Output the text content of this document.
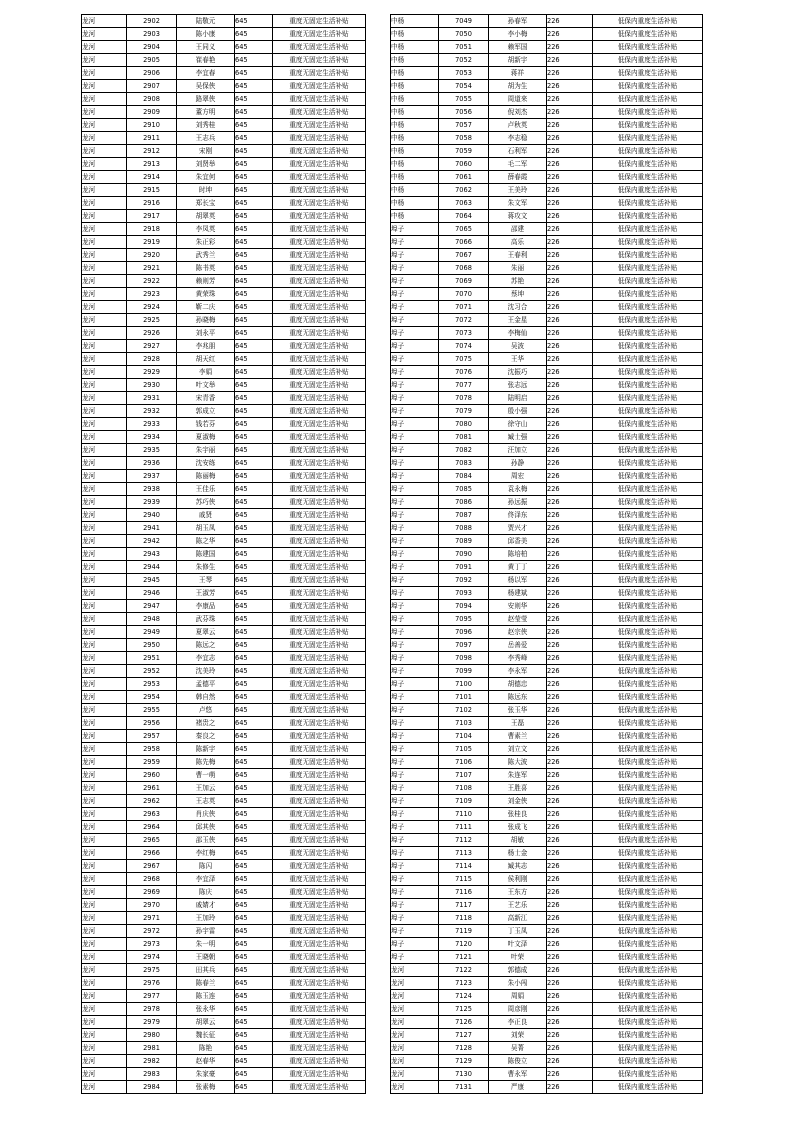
龙河	2902	陆敬元	645	重度无固定生活补贴
龙河	2903	陈小康	645	重度无固定生活补贴
龙河	2904	王同义	645	重度无固定生活补贴
龙河	2905	崔春艳	645	重度无固定生活补贴
龙河	2906	李宜春	645	重度无固定生活补贴
龙河	2907	吴保侠	645	重度无固定生活补贴
龙河	2908	路翠侠	645	重度无固定生活补贴
龙河	2909	董方明	645	重度无固定生活补贴
龙河	2910	刘秀桂	645	重度无固定生活补贴
龙河	2911	王志兵	645	重度无固定生活补贴
龙河	2912	宋刚	645	重度无固定生活补贴
龙河	2913	刘贤举	645	重度无固定生活补贴
龙河	2914	朱宜何	645	重度无固定生活补贴
龙河	2915	时坤	645	重度无固定生活补贴
龙河	2916	郑长宝	645	重度无固定生活补贴
龙河	2917	胡翠英	645	重度无固定生活补贴
龙河	2918	李凤英	645	重度无固定生活补贴
龙河	2919	朱正彩	645	重度无固定生活补贴
龙河	2920	武秀兰	645	重度无固定生活补贴
龙河	2921	陈书英	645	重度无固定生活补贴
龙河	2922	赖则芳	645	重度无固定生活补贴
龙河	2923	黄荣珠	645	重度无固定生活补贴
龙河	2924	靳二庆	645	重度无固定生活补贴
龙河	2925	孙晓梅	645	重度无固定生活补贴
龙河	2926	刘永平	645	重度无固定生活补贴
龙河	2927	李兆朋	645	重度无固定生活补贴
龙河	2928	胡天红	645	重度无固定生活补贴
龙河	2929	李娟	645	重度无固定生活补贴
龙河	2930	叶文举	645	重度无固定生活补贴
龙河	2931	宋青香	645	重度无固定生活补贴
龙河	2932	郭成立	645	重度无固定生活补贴
龙河	2933	钱若芬	645	重度无固定生活补贴
龙河	2934	夏淑梅	645	重度无固定生活补贴
龙河	2935	朱宇丽	645	重度无固定生活补贴
龙河	2936	沈安练	645	重度无固定生活补贴
龙河	2937	陈丽梅	645	重度无固定生活补贴
龙河	2938	王佳乐	645	重度无固定生活补贴
龙河	2939	苏巧侠	645	重度无固定生活补贴
龙河	2940	戚贤	645	重度无固定生活补贴
龙河	2941	胡玉凤	645	重度无固定生活补贴
龙河	2942	陈之华	645	重度无固定生活补贴
龙河	2943	陈建国	645	重度无固定生活补贴
龙河	2944	朱修生	645	重度无固定生活补贴
龙河	2945	王琴	645	重度无固定生活补贴
龙河	2946	王淑芳	645	重度无固定生活补贴
龙河	2947	李康品	645	重度无固定生活补贴
龙河	2948	武芬珠	645	重度无固定生活补贴
龙河	2949	夏翠云	645	重度无固定生活补贴
龙河	2950	陈远之	645	重度无固定生活补贴
龙河	2951	李宜志	645	重度无固定生活补贴
龙河	2952	沈美玲	645	重度无固定生活补贴
龙河	2953	孟德平	645	重度无固定生活补贴
龙河	2954	韩自然	645	重度无固定生活补贴
龙河	2955	卢悠	645	重度无固定生活补贴
龙河	2956	褚贵之	645	重度无固定生活补贴
龙河	2957	秦良之	645	重度无固定生活补贴
龙河	2958	陈新宇	645	重度无固定生活补贴
龙河	2959	陈先梅	645	重度无固定生活补贴
龙河	2960	曹一萌	645	重度无固定生活补贴
龙河	2961	王加云	645	重度无固定生活补贴
龙河	2962	王志英	645	重度无固定生活补贴
龙河	2963	肖庆侠	645	重度无固定生活补贴
龙河	2964	邱其侠	645	重度无固定生活补贴
龙河	2965	邵玉侠	645	重度无固定生活补贴
龙河	2966	李红梅	645	重度无固定生活补贴
龙河	2967	陈闪	645	重度无固定生活补贴
龙河	2968	李宜泽	645	重度无固定生活补贴
龙河	2969	陈庆	645	重度无固定生活补贴
龙河	2970	戚婧才	645	重度无固定生活补贴
龙河	2971	王加玲	645	重度无固定生活补贴
龙河	2972	孙宇雷	645	重度无固定生活补贴
龙河	2973	朱一明	645	重度无固定生活补贴
龙河	2974	王晓朝	645	重度无固定生活补贴
龙河	2975	田其兵	645	重度无固定生活补贴
龙河	2976	陈春兰	645	重度无固定生活补贴
龙河	2977	陈玉连	645	重度无固定生活补贴
龙河	2978	张永华	645	重度无固定生活补贴
龙河	2979	胡翠云	645	重度无固定生活补贴
龙河	2980	魏长征	645	重度无固定生活补贴
龙河	2981	陈艳	645	重度无固定生活补贴
龙河	2982	赵春华	645	重度无固定生活补贴
龙河	2983	朱家豪	645	重度无固定生活补贴
龙河	2984	张素梅	645	重度无固定生活补贴
中杨	7049	孙春军	226	低保内重度生活补贴
中杨	7050	李小梅	226	低保内重度生活补贴
中杨	7051	赖军国	226	低保内重度生活补贴
中杨	7052	胡新宇	226	低保内重度生活补贴
中杨	7053	蒋祥	226	低保内重度生活补贴
中杨	7054	胡为生	226	低保内重度生活补贴
中杨	7055	周道来	226	低保内重度生活补贴
中杨	7056	倪刘杰	226	低保内重度生活补贴
中杨	7057	卢秋英	226	低保内重度生活补贴
中杨	7058	李志稳	226	低保内重度生活补贴
中杨	7059	石利军	226	低保内重度生活补贴
中杨	7060	毛二军	226	低保内重度生活补贴
中杨	7061	薛春霞	226	低保内重度生活补贴
中杨	7062	王美玲	226	低保内重度生活补贴
中杨	7063	朱文军	226	低保内重度生活补贴
中杨	7064	蒋攻文	226	低保内重度生活补贴
埠子	7065	邵建	226	低保内重度生活补贴
埠子	7066	高乐	226	低保内重度生活补贴
埠子	7067	王春利	226	低保内重度生活补贴
埠子	7068	朱丽	226	低保内重度生活补贴
埠子	7069	苏艳	226	低保内重度生活补贴
埠子	7070	蔡坤	226	低保内重度生活补贴
埠子	7071	沈习合	226	低保内重度生活补贴
埠子	7072	王金星	226	低保内重度生活补贴
埠子	7073	李梅仙	226	低保内重度生活补贴
埠子	7074	吴波	226	低保内重度生活补贴
埠子	7075	王华	226	低保内重度生活补贴
埠子	7076	沈振巧	226	低保内重度生活补贴
埠子	7077	张志远	226	低保内重度生活补贴
埠子	7078	陆明启	226	低保内重度生活补贴
埠子	7079	殷小强	226	低保内重度生活补贴
埠子	7080	徐守山	226	低保内重度生活补贴
埠子	7081	臧士强	226	低保内重度生活补贴
埠子	7082	汪加立	226	低保内重度生活补贴
埠子	7083	孙静	226	低保内重度生活补贴
埠子	7084	周宏	226	低保内重度生活补贴
埠子	7085	袁永梅	226	低保内重度生活补贴
埠子	7086	孙远振	226	低保内重度生活补贴
埠子	7087	佟泽东	226	低保内重度生活补贴
埠子	7088	贾兴才	226	低保内重度生活补贴
埠子	7089	邱香美	226	低保内重度生活补贴
埠子	7090	陈培柏	226	低保内重度生活补贴
埠子	7091	黄丁丁	226	低保内重度生活补贴
埠子	7092	杨以军	226	低保内重度生活补贴
埠子	7093	杨建斌	226	低保内重度生活补贴
埠子	7094	安则华	226	低保内重度生活补贴
埠子	7095	赵莹莹	226	低保内重度生活补贴
埠子	7096	赵宗侠	226	低保内重度生活补贴
埠子	7097	岳善爱	226	低保内重度生活补贴
埠子	7098	李秀峰	226	低保内重度生活补贴
埠子	7099	李永军	226	低保内重度生活补贴
埠子	7100	胡德忠	226	低保内重度生活补贴
埠子	7101	陈远东	226	低保内重度生活补贴
埠子	7102	张玉华	226	低保内重度生活补贴
埠子	7103	王磊	226	低保内重度生活补贴
埠子	7104	曹素兰	226	低保内重度生活补贴
埠子	7105	刘立文	226	低保内重度生活补贴
埠子	7106	陈大波	226	低保内重度生活补贴
埠子	7107	朱连军	226	低保内重度生活补贴
埠子	7108	王胜喜	226	低保内重度生活补贴
埠子	7109	刘金侠	226	低保内重度生活补贴
埠子	7110	张桂良	226	低保内重度生活补贴
埠子	7111	张成飞	226	低保内重度生活补贴
埠子	7112	胡敏	226	低保内重度生活补贴
埠子	7113	杨士金	226	低保内重度生活补贴
埠子	7114	臧其志	226	低保内重度生活补贴
埠子	7115	侯利刚	226	低保内重度生活补贴
埠子	7116	王东方	226	低保内重度生活补贴
埠子	7117	王艺乐	226	低保内重度生活补贴
埠子	7118	高新江	226	低保内重度生活补贴
埠子	7119	丁玉凤	226	低保内重度生活补贴
埠子	7120	叶文泽	226	低保内重度生活补贴
埠子	7121	叶荣	226	低保内重度生活补贴
龙河	7122	郭德成	226	低保内重度生活补贴
龙河	7123	朱小闯	226	低保内重度生活补贴
龙河	7124	周娟	226	低保内重度生活补贴
龙河	7125	周彦刚	226	低保内重度生活补贴
龙河	7126	李正良	226	低保内重度生活补贴
龙河	7127	刘荣	226	低保内重度生活补贴
龙河	7128	吴菁	226	低保内重度生活补贴
龙河	7129	陈俊立	226	低保内重度生活补贴
龙河	7130	曹永军	226	低保内重度生活补贴
龙河	7131	严康	226	低保内重度生活补贴
